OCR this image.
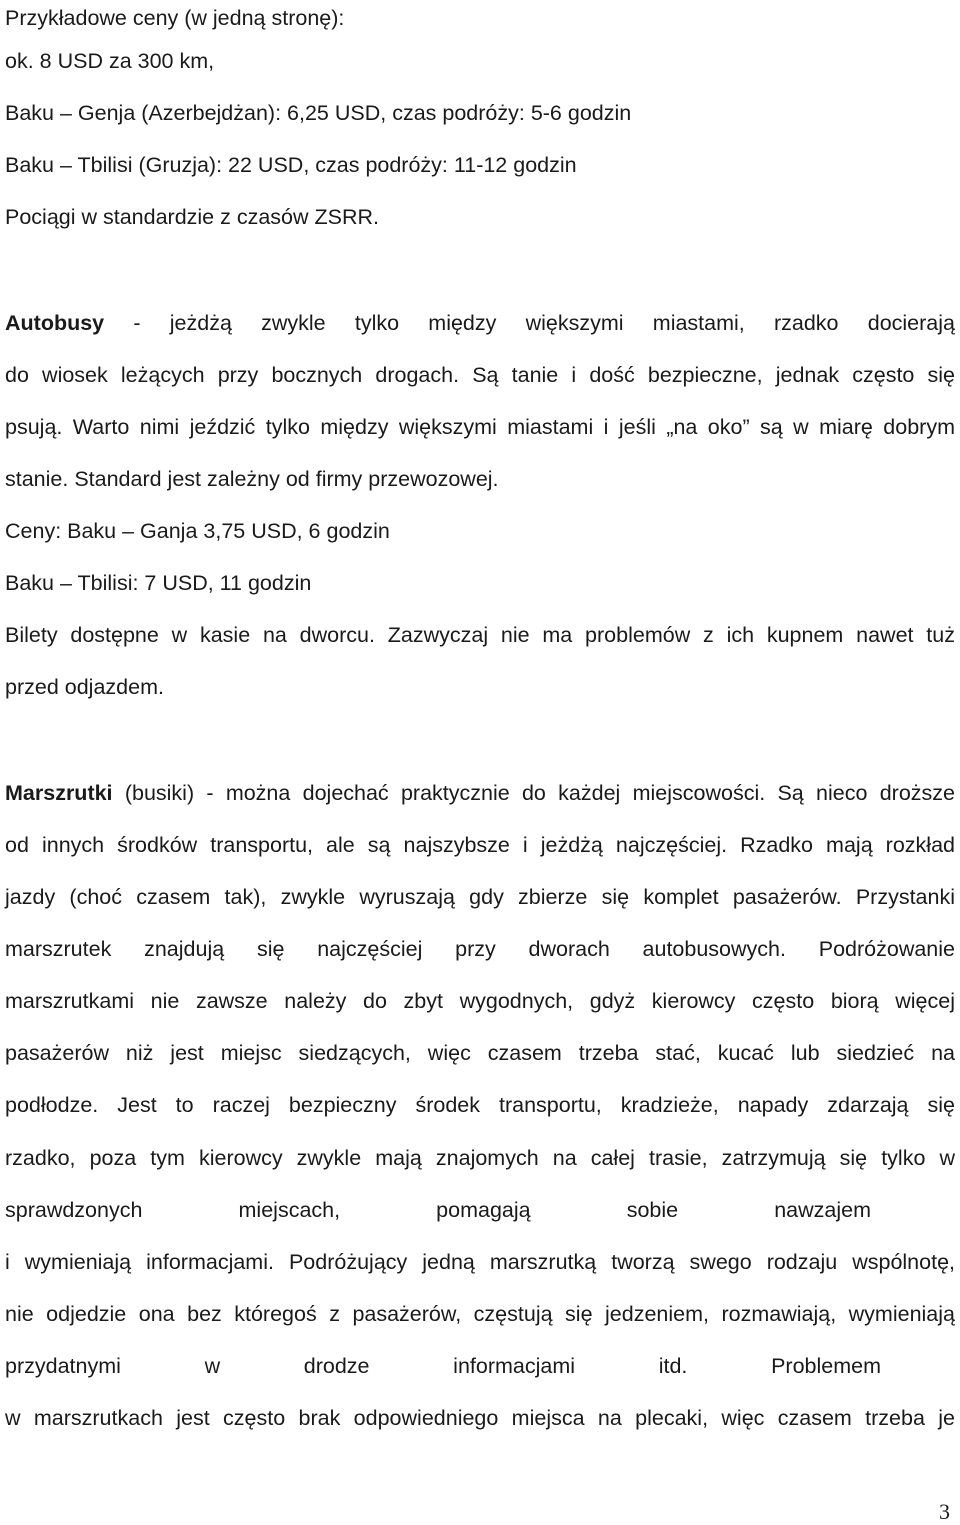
Przykładowe ceny (w jedną stronę):
ok. 8 USD za 300 km,
Baku – Genja (Azerbejdżan): 6,25 USD, czas podróży: 5-6 godzin
Baku – Tbilisi (Gruzja): 22 USD, czas podróży: 11-12 godzin
Pociągi w standardzie z czasów ZSRR.
Autobusy - jeżdżą zwykle tylko między większymi miastami, rzadko docierają
do wiosek leżących przy bocznych drogach. Są tanie i dość bezpieczne, jednak często się
psują. Warto nimi jeździć tylko między większymi miastami i jeśli „na oko” są w miarę dobrym
stanie. Standard jest zależny od firmy przewozowej.
Ceny: Baku – Ganja 3,75 USD, 6 godzin
Baku – Tbilisi: 7 USD, 11 godzin
Bilety dostępne w kasie na dworcu. Zazwyczaj nie ma problemów z ich kupnem nawet tuż
przed odjazdem.
Marszrutki (busiki) - można dojechać praktycznie do każdej miejscowości. Są nieco droższe
od innych środków transportu, ale są najszybsze i jeżdżą najczęściej. Rzadko mają rozkład
jazdy (choć czasem tak), zwykle wyruszają gdy zbierze się komplet pasażerów. Przystanki
marszrutek znajdują się najczęściej przy dworach autobusowych. Podróżowanie
marszrutkami nie zawsze należy do zbyt wygodnych, gdyż kierowcy często biorą więcej
pasażerów niż jest miejsc siedzących, więc czasem trzeba stać, kucać lub siedzieć na
podłodze. Jest to raczej bezpieczny środek transportu, kradzieże, napady zdarzają się
rzadko, poza tym kierowcy zwykle mają znajomych na całej trasie, zatrzymują się tylko w
sprawdzonych miejscach, pomagają sobie nawzajem
i wymieniają informacjami. Podróżujący jedną marszrutką tworzą swego rodzaju wspólnotę,
nie odjedzie ona bez któregoś z pasażerów, częstują się jedzeniem, rozmawiają, wymieniają
przydatnymi w drodze informacjami itd. Problemem
w marszrutkach jest często brak odpowiedniego miejsca na plecaki, więc czasem trzeba je
3
